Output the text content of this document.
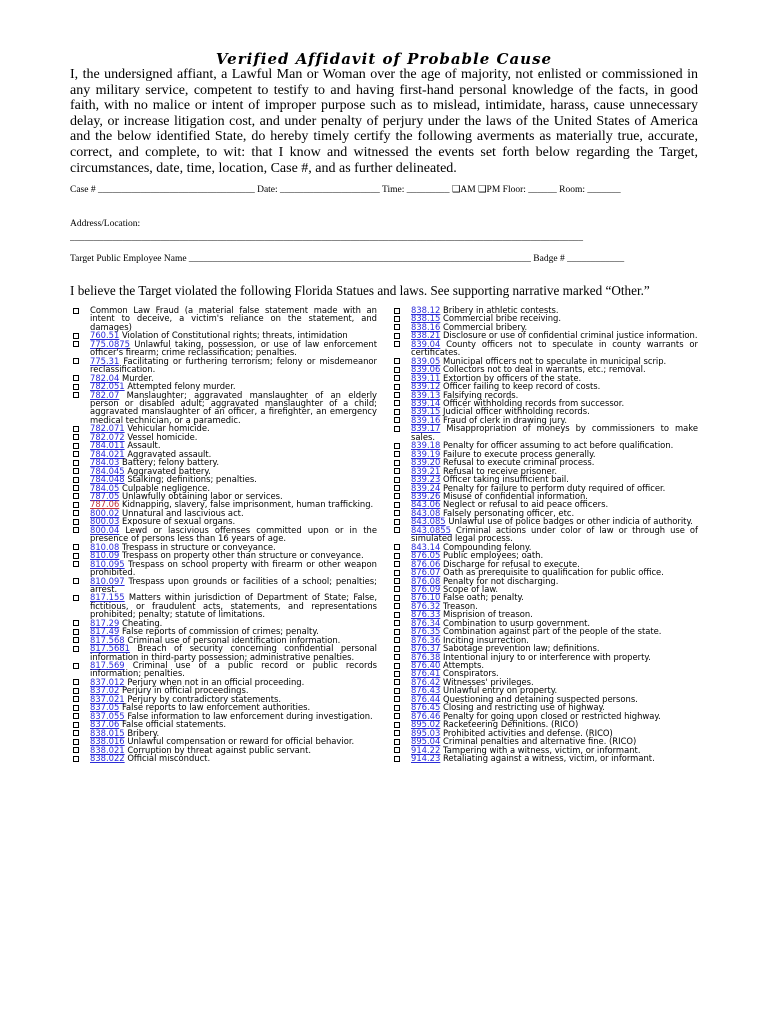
Verified Affidavit of Probable Cause
I, the undersigned affiant, a Lawful Man or Woman over the age of majority, not enlisted or commissioned in any military service, competent to testify to and having first-hand personal knowledge of the facts, in good faith, with no malice or intent of improper purpose such as to mislead, intimidate, harass, cause unnecessary delay, or increase litigation cost, and under penalty of perjury under the laws of the United States of America and the below identified State, do hereby timely certify the following averments as materially true, accurate, correct, and complete, to wit: that I know and witnessed the events set forth below regarding the Target, circumstances, date, time, location, Case #, and as further delineated.
Case # _________________________________ Date: _____________________ Time: _________ ❑AM ❑PM Floor: ______ Room: _______
Address/Location:
____________________________________________________________________________________________________________
Target Public Employee Name ________________________________________________________________________ Badge # ____________
I believe the Target violated the following Florida Statues and laws. See supporting narrative marked “Other.”
Common Law Fraud (a material false statement made with an intent to deceive, a victim's reliance on the statement, and damages)
760.51 Violation of Constitutional rights; threats, intimidation
775.0875 Unlawful taking, possession, or use of law enforcement officer's firearm; crime reclassification; penalties.
775.31 Facilitating or furthering terrorism; felony or misdemeanor reclassification.
782.04 Murder.
782.051 Attempted felony murder.
782.07 Manslaughter; aggravated manslaughter of an elderly person or disabled adult; aggravated manslaughter of a child; aggravated manslaughter of an officer, a firefighter, an emergency medical technician, or a paramedic.
782.071 Vehicular homicide.
782.072 Vessel homicide.
784.011 Assault.
784.021 Aggravated assault.
784.03 Battery; felony battery.
784.045 Aggravated battery.
784.048 Stalking; definitions; penalties.
784.05 Culpable negligence.
787.05 Unlawfully obtaining labor or services.
787.06 Kidnapping, slavery, false imprisonment, human trafficking.
800.02 Unnatural and lascivious act.
800.03 Exposure of sexual organs.
800.04 Lewd or lascivious offenses committed upon or in the presence of persons less than 16 years of age.
810.08 Trespass in structure or conveyance.
810.09 Trespass on property other than structure or conveyance.
810.095 Trespass on school property with firearm or other weapon prohibited.
810.097 Trespass upon grounds or facilities of a school; penalties; arrest.
817.155 Matters within jurisdiction of Department of State; False, fictitious, or fraudulent acts, statements, and representations prohibited; penalty; statute of limitations.
817.29 Cheating.
817.49 False reports of commission of crimes; penalty.
817.568 Criminal use of personal identification information.
817.5681 Breach of security concerning confidential personal information in third-party possession; administrative penalties.
817.569 Criminal use of a public record or public records information; penalties.
837.012 Perjury when not in an official proceeding.
837.02 Perjury in official proceedings.
837.021 Perjury by contradictory statements.
837.05 False reports to law enforcement authorities.
837.055 False information to law enforcement during investigation.
837.06 False official statements.
838.015 Bribery.
838.016 Unlawful compensation or reward for official behavior.
838.021 Corruption by threat against public servant.
838.022 Official misconduct.
838.12 Bribery in athletic contests.
838.15 Commercial bribe receiving.
838.16 Commercial bribery.
838.21 Disclosure or use of confidential criminal justice information.
839.04 County officers not to speculate in county warrants or certificates.
839.05 Municipal officers not to speculate in municipal scrip.
839.06 Collectors not to deal in warrants, etc.; removal.
839.11 Extortion by officers of the state.
839.12 Officer failing to keep record of costs.
839.13 Falsifying records.
839.14 Officer withholding records from successor.
839.15 Judicial officer withholding records.
839.16 Fraud of clerk in drawing jury.
839.17 Misappropriation of moneys by commissioners to make sales.
839.18 Penalty for officer assuming to act before qualification.
839.19 Failure to execute process generally.
839.20 Refusal to execute criminal process.
839.21 Refusal to receive prisoner.
839.23 Officer taking insufficient bail.
839.24 Penalty for failure to perform duty required of officer.
839.26 Misuse of confidential information.
843.06 Neglect or refusal to aid peace officers.
843.08 Falsely personating officer, etc.
843.085 Unlawful use of police badges or other indicia of authority.
843.0855 Criminal actions under color of law or through use of simulated legal process.
843.14 Compounding felony.
876.05 Public employees; oath.
876.06 Discharge for refusal to execute.
876.07 Oath as prerequisite to qualification for public office.
876.08 Penalty for not discharging.
876.09 Scope of law.
876.10 False oath; penalty.
876.32 Treason.
876.33 Misprision of treason.
876.34 Combination to usurp government.
876.35 Combination against part of the people of the state.
876.36 Inciting insurrection.
876.37 Sabotage prevention law; definitions.
876.38 Intentional injury to or interference with property.
876.40 Attempts.
876.41 Conspirators.
876.42 Witnesses' privileges.
876.43 Unlawful entry on property.
876.44 Questioning and detaining suspected persons.
876.45 Closing and restricting use of highway.
876.46 Penalty for going upon closed or restricted highway.
895.02 Racketeering Definitions. (RICO)
895.03 Prohibited activities and defense. (RICO)
895.04 Criminal penalties and alternative fine. (RICO)
914.22 Tampering with a witness, victim, or informant.
914.23 Retaliating against a witness, victim, or informant.
